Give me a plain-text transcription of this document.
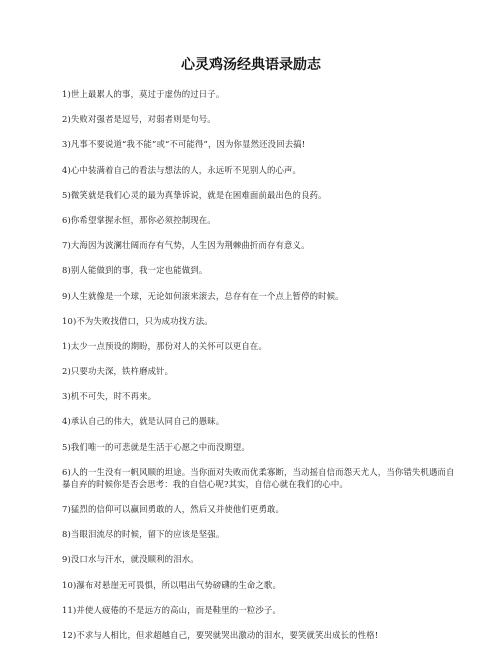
心灵鸡汤经典语录励志

1)世上最累人的事，莫过于虚伪的过日子。

2)失败对强者是逗号，对弱者则是句号。

3)凡事不要说道“我不能”或“不可能得”，因为你显然还没回去搞!

4)心中装满着自己的看法与想法的人，永远听不见别人的心声。

5)微笑就是我们心灵的最为真挚诉说，就是在困难面前最出色的良药。

6)你希望掌握永恒，那你必须控制现在。

7)大海因为波澜壮阔而存有气势，人生因为荆棘曲折而存有意义。

8)别人能做到的事，我一定也能做到。

9)人生就像是一个球，无论如何滚来滚去，总存有在一个点上暂停的时候。

10)不为失败找借口，只为成功找方法。

1)太少一点预设的期盼，那份对人的关怀可以更自在。

2)只要功夫深，铁杵磨成针。

3)机不可失，时不再来。

4)承认自己的伟大，就是认同自己的愚昧。

5)我们唯一的可悲就是生活于心愿之中而没期望。

6)人的一生没有一帆风顺的坦途。当你面对失败而优柔寡断，当动摇自信而怨天尤人，当你错失机遇而自暴自弃的时候你是否会思考：我的自信心呢?其实，自信心就在我们的心中。

7)猛烈的信仰可以赢回勇敢的人，然后又并使他们更勇敢。

8)当眼泪流尽的时候，留下的应该是坚强。

9)没口水与汗水，就没顺利的泪水。

10)瀑布对悬崖无可畏惧，所以唱出气势磅礴的生命之歌。

11)并使人疲倦的不是远方的高山，而是鞋里的一粒沙子。

12)不求与人相比，但求超越自己，要哭就哭出激动的泪水，要笑就笑出成长的性格!
